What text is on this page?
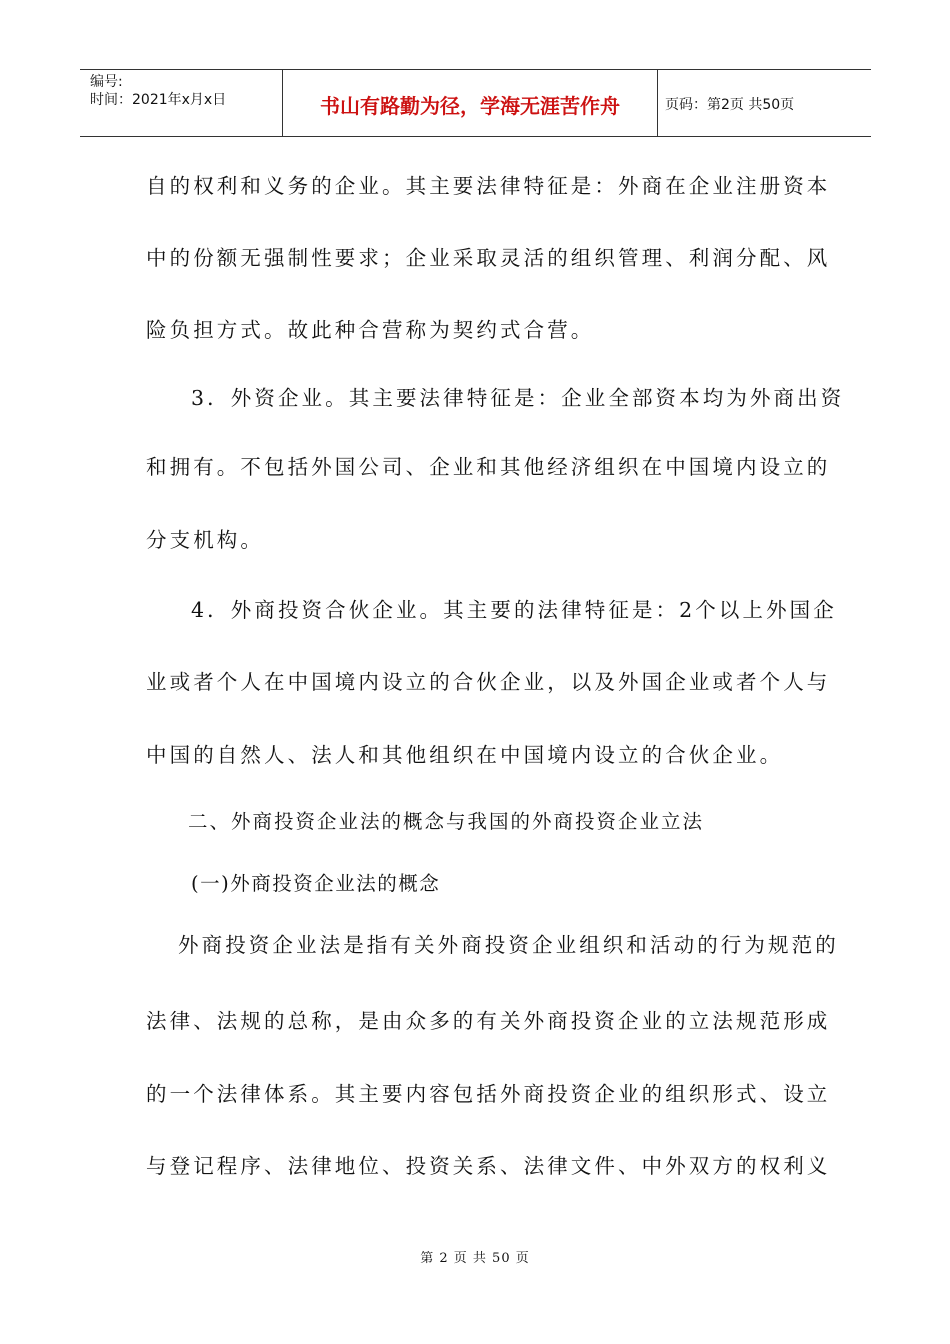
编号:
时间：2021年x月x日	书山有路勤为径，学海无涯苦作舟	页码：第2页 共50页
自的权利和义务的企业。其主要法律特征是：外商在企业注册资本
中的份额无强制性要求；企业采取灵活的组织管理、利润分配、风
险负担方式。故此种合营称为契约式合营。
3．外资企业。其主要法律特征是：企业全部资本均为外商出资
和拥有。不包括外国公司、企业和其他经济组织在中国境内设立的
分支机构。
4．外商投资合伙企业。其主要的法律特征是：2个以上外国企
业或者个人在中国境内设立的合伙企业，以及外国企业或者个人与
中国的自然人、法人和其他组织在中国境内设立的合伙企业。
二、外商投资企业法的概念与我国的外商投资企业立法
(一)外商投资企业法的概念
外商投资企业法是指有关外商投资企业组织和活动的行为规范的
法律、法规的总称，是由众多的有关外商投资企业的立法规范形成
的一个法律体系。其主要内容包括外商投资企业的组织形式、设立
与登记程序、法律地位、投资关系、法律文件、中外双方的权利义
第 2 页 共 50 页
